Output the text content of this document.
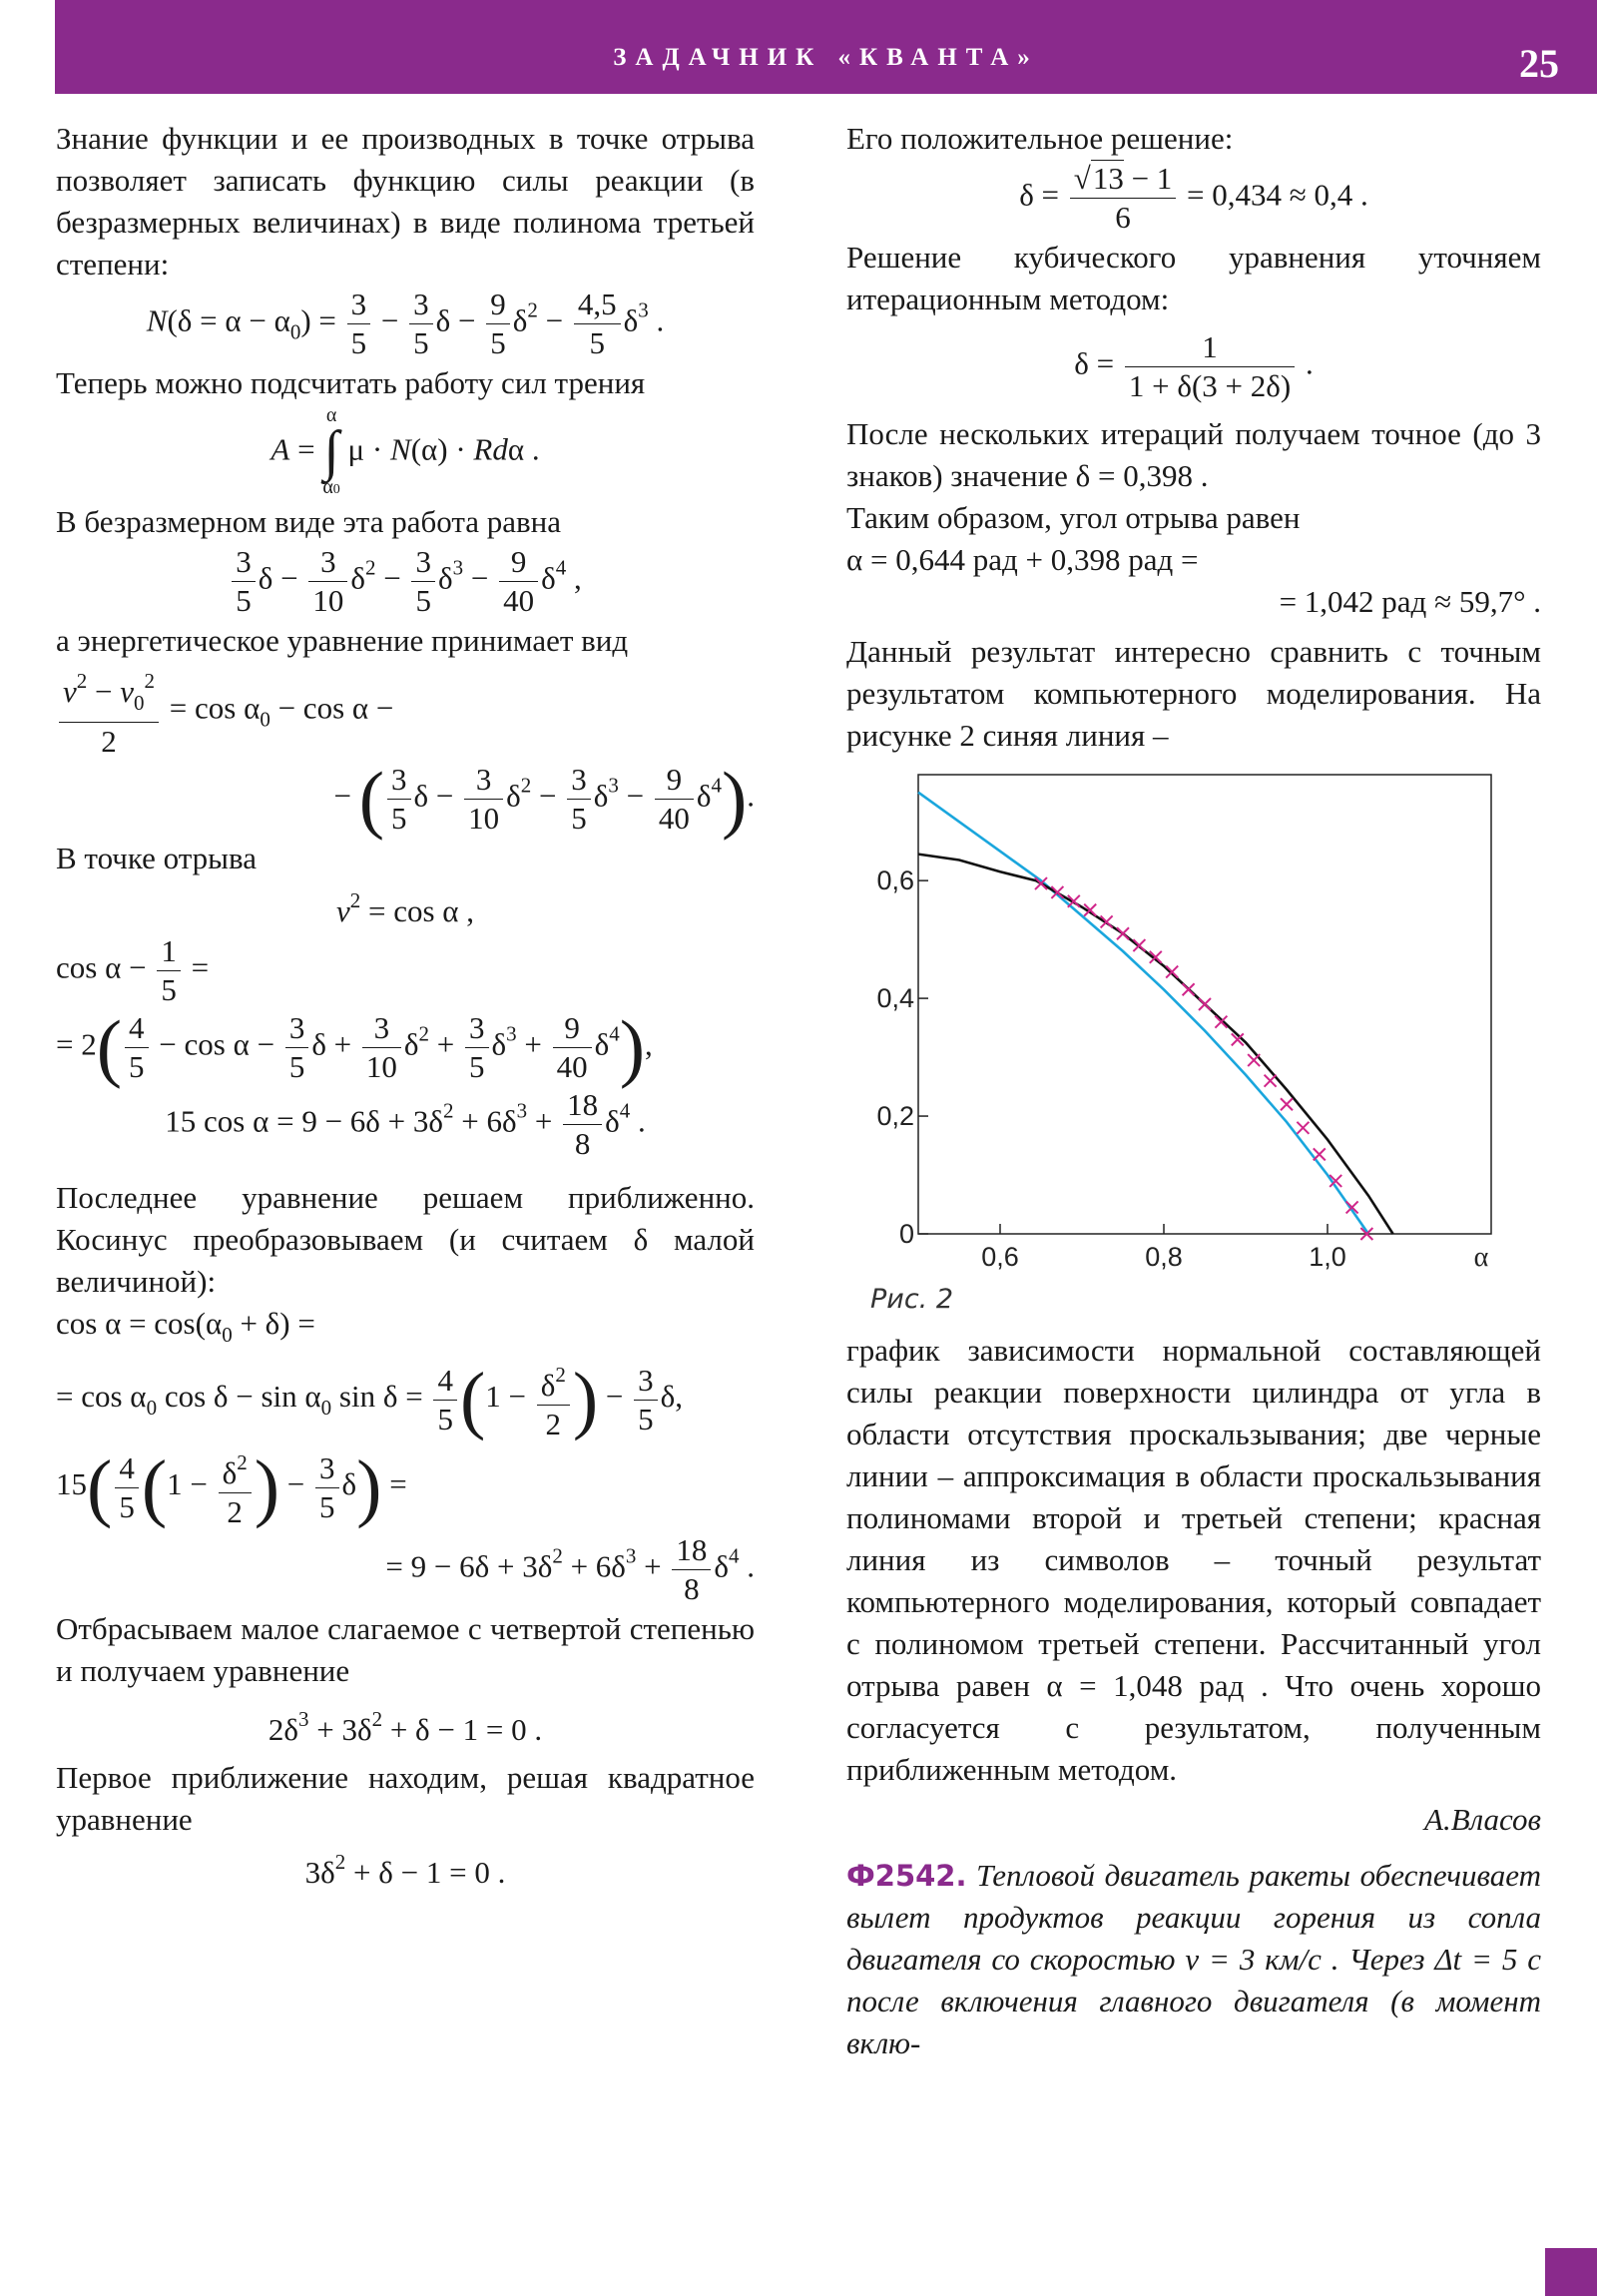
ЗАДАЧНИК «КВАНТА»	25

Знание функции и ее производных в точке отрыва позволяет записать функцию силы реакции (в безразмерных величинах) в виде полинома третьей степени:

$N(\delta = \alpha - \alpha_0) = \frac{3}{5} - \frac{3}{5}$ $\delta - \frac{9}{5} \delta^2 - \frac{4,5}{5} \delta^3$ .

Теперь можно подсчитать работу сил трения

A = α
∫
α0 μ · N(α) · Rdα .

В безразмерном виде эта работа равна

$\frac{3}{5}$ $\delta - \frac{3}{10} \delta^2 - \frac{3}{5} \delta^3 - \frac{9}{40} \delta^4$ ,

а энергетическое уравнение принимает вид

$\frac{v^2 - v_0^2}{2} = \cos \alpha_0 - \cos \alpha$ −
− ( $\frac{3}{5}$ $\delta - \frac{3}{10} \delta^2 - \frac{3}{5} \delta^3 - \frac{9}{40} \delta^4$).

В точке отрыва

$v^2 = \cos \alpha$ ,
$\cos \alpha - \frac{1}{5}$ =
= $2( \frac{4}{5} - \cos \alpha - \frac{3}{5}$ $\delta + \frac{3}{10} \delta^2 + \frac{3}{5} \delta^3 + \frac{9}{40} \delta^4$),
15 $\cos \alpha = 9 - 6\delta + 3\delta^2 + 6\delta^3 + \frac{18}{8} \delta^4$ .

Последнее уравнение решаем приближенно. Косинус преобразовываем (и считаем δ малой величиной):

$\cos \alpha = \cos(\alpha_0 + \delta)$ =
= $\cos \alpha_0$ $\cos \delta - \sin \alpha_0$ $\sin \delta = \frac{4}{5} (1 - \frac{\delta^2}{2}$ ) − $\frac{3}{5} \delta$,
$15( \frac{4}{5} (1 - \frac{\delta^2}{2}$ ) − $\frac{3}{5} \delta$) =
= $9 - 6\delta + 3\delta^2 + 6\delta^3 + \frac{18}{8} \delta^4$ .

Отбрасываем малое слагаемое с четвертой степенью и получаем уравнение

$2\delta^3 + 3\delta^2 + \delta - 1 = 0$ .

Первое приближение находим, решая квадратное уравнение

$3\delta^2 + \delta - 1 = 0$ .

Его положительное решение:

$\delta = \frac{√13 - 1}{6} = 0,434 \approx 0,4$ .

Решение кубического уравнения уточняем итерационным методом:

$\delta = \frac{1}{1 + \delta(3 + 2\delta)}$ .

После нескольких итераций получаем точное (до 3 знаков) значение δ = 0,398 .

Таким образом, угол отрыва равен

α = 0,644 рад + 0,398 рад =
= 1,042 рад ≈ 59,7° .

Данный результат интересно сравнить с точным результатом компьютерного моделирования. На рисунке 2 синяя линия –

0,6	0,8	1,0
0
0,2
0,4
0,6
α
Рис. 2

график зависимости нормальной составляющей силы реакции поверхности цилиндра от угла в области отсутствия проскальзывания; две черные линии – аппроксимация в области проскальзывания полиномами второй и третьей степени; красная линия из символов – точный результат компьютерного моделирования, который совпадает с полиномом третьей степени. Рассчитанный угол отрыва равен α = 1,048 рад . Что очень хорошо согласуется с результатом, полученным приближенным методом.

А.Власов

Ф2542. Тепловой двигатель ракеты обеспечивает вылет продуктов реакции горения из сопла двигателя со скоростью v = 3 км/с . Через Δt = 5 с после включения главного двигателя (в момент вклю-
